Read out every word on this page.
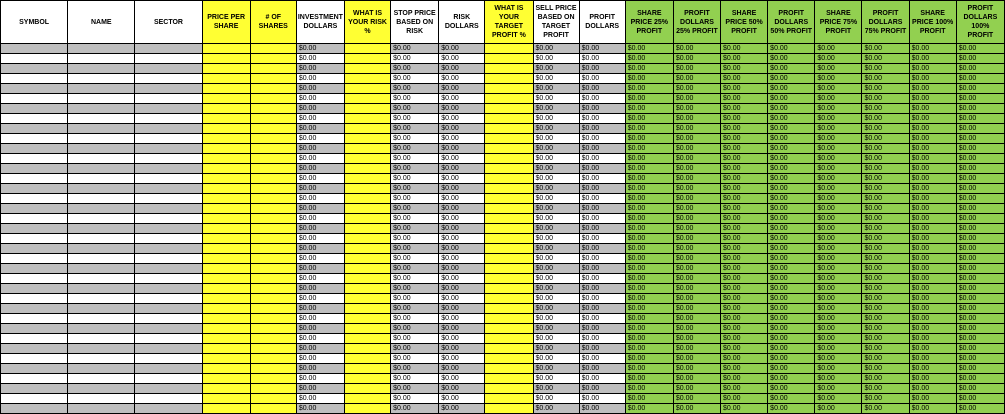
SYMBOL	NAME	SECTOR	PRICE PER SHARE	# OF SHARES	INVESTMENT DOLLARS	WHAT IS YOUR RISK %	STOP PRICE BASED ON RISK	RISK DOLLARS	WHAT IS YOUR TARGET PROFIT %	SELL PRICE BASED ON TARGET PROFIT	PROFIT DOLLARS	SHARE PRICE 25% PROFIT	PROFIT DOLLARS 25% PROFIT	SHARE PRICE 50% PROFIT	PROFIT DOLLARS 50% PROFIT	SHARE PRICE 75% PROFIT	PROFIT DOLLARS 75% PROFIT	SHARE PRICE 100% PROFIT	PROFIT DOLLARS 100% PROFIT
					$0.00		$0.00	$0.00		$0.00	$0.00	$0.00	$0.00	$0.00	$0.00	$0.00	$0.00	$0.00	$0.00
					$0.00		$0.00	$0.00		$0.00	$0.00	$0.00	$0.00	$0.00	$0.00	$0.00	$0.00	$0.00	$0.00
					$0.00		$0.00	$0.00		$0.00	$0.00	$0.00	$0.00	$0.00	$0.00	$0.00	$0.00	$0.00	$0.00
					$0.00		$0.00	$0.00		$0.00	$0.00	$0.00	$0.00	$0.00	$0.00	$0.00	$0.00	$0.00	$0.00
					$0.00		$0.00	$0.00		$0.00	$0.00	$0.00	$0.00	$0.00	$0.00	$0.00	$0.00	$0.00	$0.00
					$0.00		$0.00	$0.00		$0.00	$0.00	$0.00	$0.00	$0.00	$0.00	$0.00	$0.00	$0.00	$0.00
					$0.00		$0.00	$0.00		$0.00	$0.00	$0.00	$0.00	$0.00	$0.00	$0.00	$0.00	$0.00	$0.00
					$0.00		$0.00	$0.00		$0.00	$0.00	$0.00	$0.00	$0.00	$0.00	$0.00	$0.00	$0.00	$0.00
					$0.00		$0.00	$0.00		$0.00	$0.00	$0.00	$0.00	$0.00	$0.00	$0.00	$0.00	$0.00	$0.00
					$0.00		$0.00	$0.00		$0.00	$0.00	$0.00	$0.00	$0.00	$0.00	$0.00	$0.00	$0.00	$0.00
					$0.00		$0.00	$0.00		$0.00	$0.00	$0.00	$0.00	$0.00	$0.00	$0.00	$0.00	$0.00	$0.00
					$0.00		$0.00	$0.00		$0.00	$0.00	$0.00	$0.00	$0.00	$0.00	$0.00	$0.00	$0.00	$0.00
					$0.00		$0.00	$0.00		$0.00	$0.00	$0.00	$0.00	$0.00	$0.00	$0.00	$0.00	$0.00	$0.00
					$0.00		$0.00	$0.00		$0.00	$0.00	$0.00	$0.00	$0.00	$0.00	$0.00	$0.00	$0.00	$0.00
					$0.00		$0.00	$0.00		$0.00	$0.00	$0.00	$0.00	$0.00	$0.00	$0.00	$0.00	$0.00	$0.00
					$0.00		$0.00	$0.00		$0.00	$0.00	$0.00	$0.00	$0.00	$0.00	$0.00	$0.00	$0.00	$0.00
					$0.00		$0.00	$0.00		$0.00	$0.00	$0.00	$0.00	$0.00	$0.00	$0.00	$0.00	$0.00	$0.00
					$0.00		$0.00	$0.00		$0.00	$0.00	$0.00	$0.00	$0.00	$0.00	$0.00	$0.00	$0.00	$0.00
					$0.00		$0.00	$0.00		$0.00	$0.00	$0.00	$0.00	$0.00	$0.00	$0.00	$0.00	$0.00	$0.00
					$0.00		$0.00	$0.00		$0.00	$0.00	$0.00	$0.00	$0.00	$0.00	$0.00	$0.00	$0.00	$0.00
					$0.00		$0.00	$0.00		$0.00	$0.00	$0.00	$0.00	$0.00	$0.00	$0.00	$0.00	$0.00	$0.00
					$0.00		$0.00	$0.00		$0.00	$0.00	$0.00	$0.00	$0.00	$0.00	$0.00	$0.00	$0.00	$0.00
					$0.00		$0.00	$0.00		$0.00	$0.00	$0.00	$0.00	$0.00	$0.00	$0.00	$0.00	$0.00	$0.00
					$0.00		$0.00	$0.00		$0.00	$0.00	$0.00	$0.00	$0.00	$0.00	$0.00	$0.00	$0.00	$0.00
					$0.00		$0.00	$0.00		$0.00	$0.00	$0.00	$0.00	$0.00	$0.00	$0.00	$0.00	$0.00	$0.00
					$0.00		$0.00	$0.00		$0.00	$0.00	$0.00	$0.00	$0.00	$0.00	$0.00	$0.00	$0.00	$0.00
					$0.00		$0.00	$0.00		$0.00	$0.00	$0.00	$0.00	$0.00	$0.00	$0.00	$0.00	$0.00	$0.00
					$0.00		$0.00	$0.00		$0.00	$0.00	$0.00	$0.00	$0.00	$0.00	$0.00	$0.00	$0.00	$0.00
					$0.00		$0.00	$0.00		$0.00	$0.00	$0.00	$0.00	$0.00	$0.00	$0.00	$0.00	$0.00	$0.00
					$0.00		$0.00	$0.00		$0.00	$0.00	$0.00	$0.00	$0.00	$0.00	$0.00	$0.00	$0.00	$0.00
					$0.00		$0.00	$0.00		$0.00	$0.00	$0.00	$0.00	$0.00	$0.00	$0.00	$0.00	$0.00	$0.00
					$0.00		$0.00	$0.00		$0.00	$0.00	$0.00	$0.00	$0.00	$0.00	$0.00	$0.00	$0.00	$0.00
					$0.00		$0.00	$0.00		$0.00	$0.00	$0.00	$0.00	$0.00	$0.00	$0.00	$0.00	$0.00	$0.00
					$0.00		$0.00	$0.00		$0.00	$0.00	$0.00	$0.00	$0.00	$0.00	$0.00	$0.00	$0.00	$0.00
					$0.00		$0.00	$0.00		$0.00	$0.00	$0.00	$0.00	$0.00	$0.00	$0.00	$0.00	$0.00	$0.00
					$0.00		$0.00	$0.00		$0.00	$0.00	$0.00	$0.00	$0.00	$0.00	$0.00	$0.00	$0.00	$0.00
					$0.00		$0.00	$0.00		$0.00	$0.00	$0.00	$0.00	$0.00	$0.00	$0.00	$0.00	$0.00	$0.00
